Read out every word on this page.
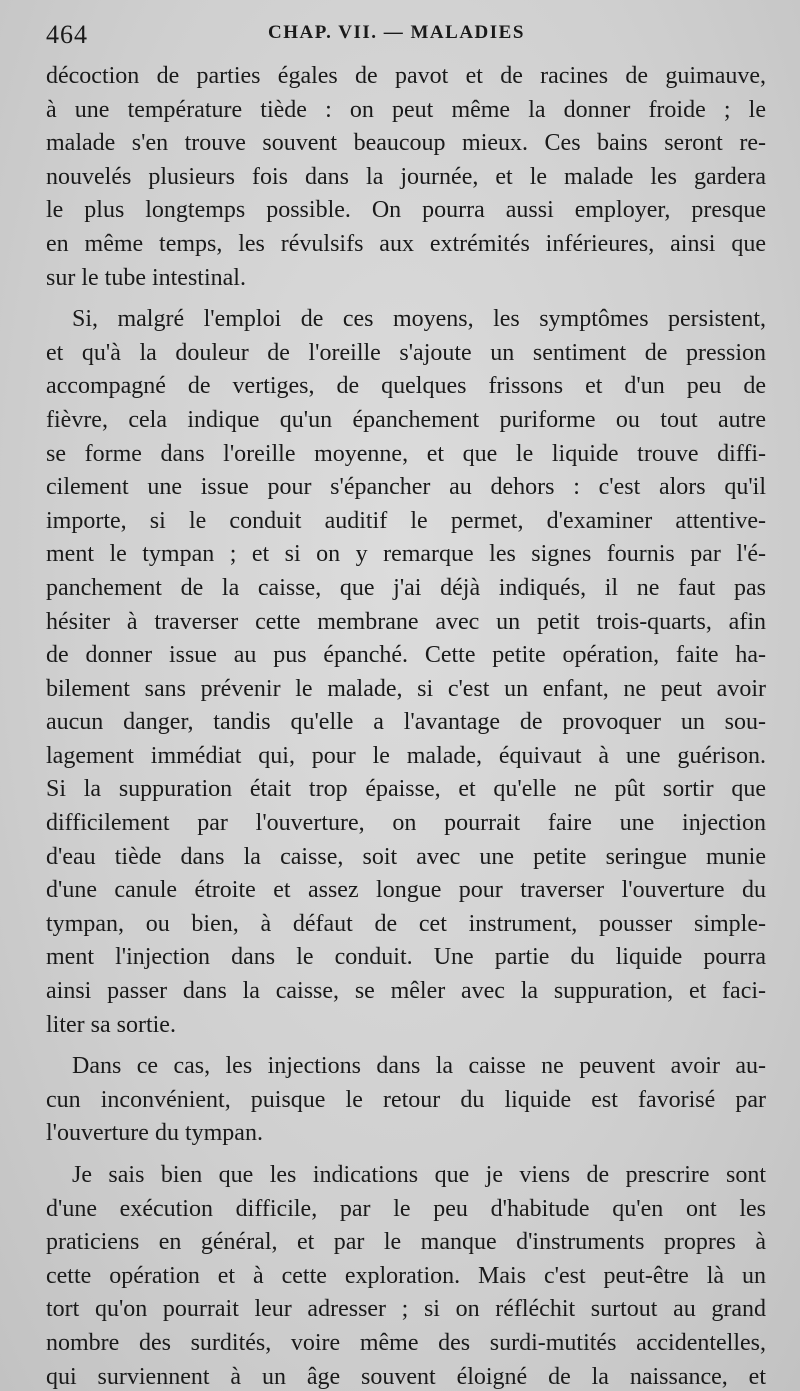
464	CHAP. VII. — MALADIES
décoction de parties égales de pavot et de racines de guimauve,
à une température tiède : on peut même la donner froide ; le
malade s'en trouve souvent beaucoup mieux. Ces bains seront re-
nouvelés plusieurs fois dans la journée, et le malade les gardera
le plus longtemps possible. On pourra aussi employer, presque
en même temps, les révulsifs aux extrémités inférieures, ainsi que
sur le tube intestinal.
Si, malgré l'emploi de ces moyens, les symptômes persistent,
et qu'à la douleur de l'oreille s'ajoute un sentiment de pression
accompagné de vertiges, de quelques frissons et d'un peu de
fièvre, cela indique qu'un épanchement puriforme ou tout autre
se forme dans l'oreille moyenne, et que le liquide trouve diffi-
cilement une issue pour s'épancher au dehors : c'est alors qu'il
importe, si le conduit auditif le permet, d'examiner attentive-
ment le tympan ; et si on y remarque les signes fournis par l'é-
panchement de la caisse, que j'ai déjà indiqués, il ne faut pas
hésiter à traverser cette membrane avec un petit trois-quarts, afin
de donner issue au pus épanché. Cette petite opération, faite ha-
bilement sans prévenir le malade, si c'est un enfant, ne peut avoir
aucun danger, tandis qu'elle a l'avantage de provoquer un sou-
lagement immédiat qui, pour le malade, équivaut à une guérison.
Si la suppuration était trop épaisse, et qu'elle ne pût sortir que
difficilement par l'ouverture, on pourrait faire une injection
d'eau tiède dans la caisse, soit avec une petite seringue munie
d'une canule étroite et assez longue pour traverser l'ouverture du
tympan, ou bien, à défaut de cet instrument, pousser simple-
ment l'injection dans le conduit. Une partie du liquide pourra
ainsi passer dans la caisse, se mêler avec la suppuration, et faci-
liter sa sortie.
Dans ce cas, les injections dans la caisse ne peuvent avoir au-
cun inconvénient, puisque le retour du liquide est favorisé par
l'ouverture du tympan.
Je sais bien que les indications que je viens de prescrire sont
d'une exécution difficile, par le peu d'habitude qu'en ont les
praticiens en général, et par le manque d'instruments propres à
cette opération et à cette exploration. Mais c'est peut-être là un
tort qu'on pourrait leur adresser ; si on réfléchit surtout au grand
nombre des surdités, voire même des surdi-mutités accidentelles,
qui surviennent à un âge souvent éloigné de la naissance, et
